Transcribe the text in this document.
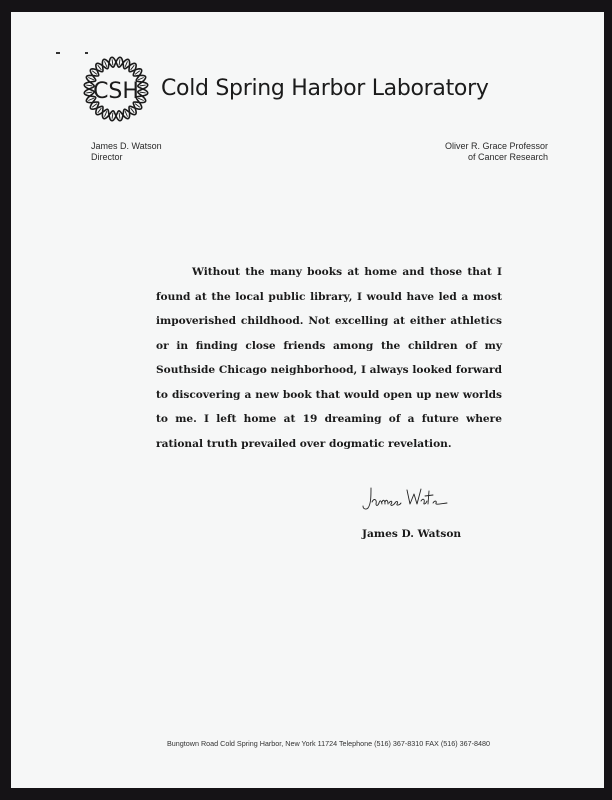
CSH Cold Spring Harbor Laboratory
James D. Watson
Director
Oliver R. Grace Professor
of Cancer Research

Without the many books at home and those that I found at the local public library, I would have led a most impoverished childhood. Not excelling at either athletics or in finding close friends among the children of my Southside Chicago neighborhood, I always looked forward to discovering a new book that would open up new worlds to me. I left home at 19 dreaming of a future where rational truth prevailed over dogmatic revelation.

James D. Watson
Bungtown Road Cold Spring Harbor, New York 11724 Telephone (516) 367-8310 FAX (516) 367-8480
